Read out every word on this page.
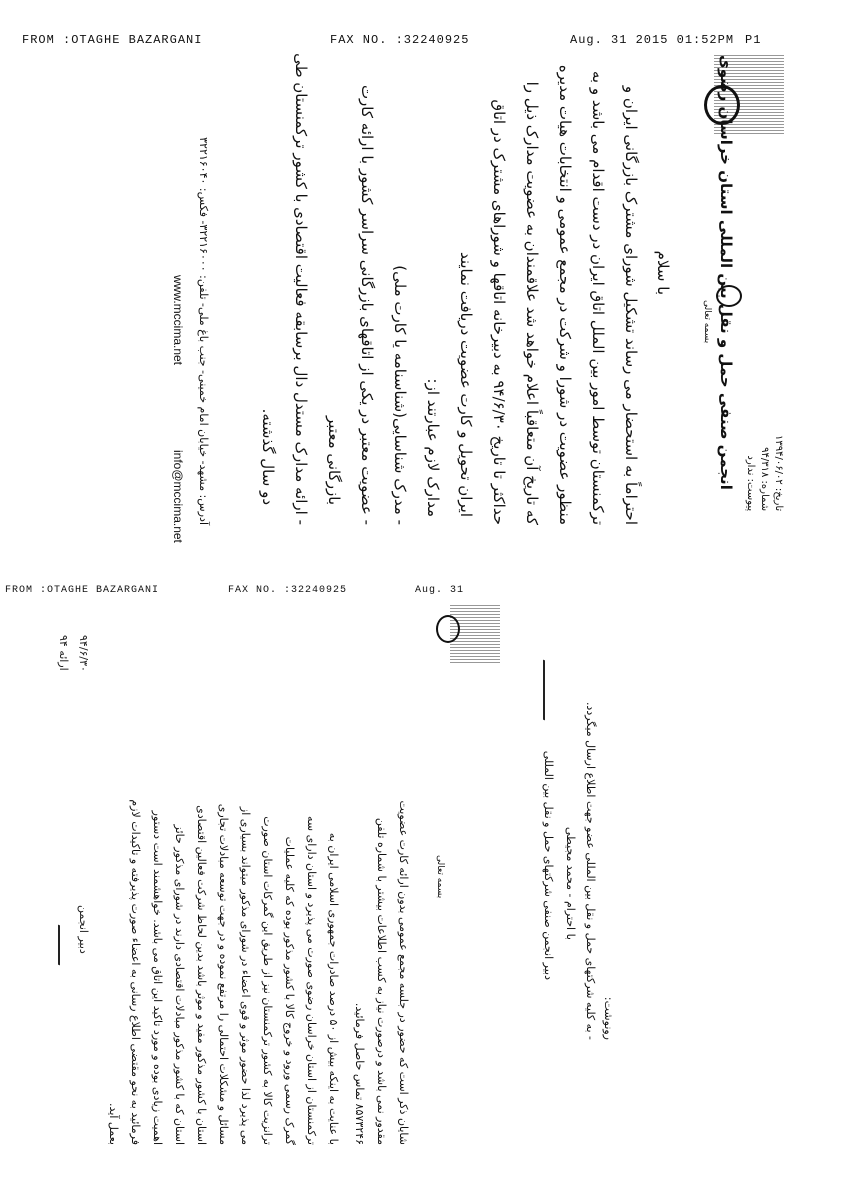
FROM :OTAGHE BAZARGANI	FAX NO. :32240925	Aug. 31 2015 01:52PM P1
بسمه تعالی انجمن صنفی حمل و نقل بین المللی استان خراسان رضوی	تاریخ: ۱۳۹۴/۰۶/۰۲
شماره: ۹۴/۳۱۸
پیوست: ندارد
با سلام
احتراماً به استحضار می رساند تشکیل شورای مشترک بازرگانی ایران و
ترکمنستان توسط امور بین الملل اتاق ایران در دست اقدام می باشد و به
منظور عضویت در شورا و شرکت در مجمع عمومی و انتخابات هیات مدیره
که تاریخ آن متعاقباً اعلام خواهد شد علاقمندان به عضویت مدارک ذیل را
حداکثر تا تاریخ ۹۴/۶/۳۰ به دبیرخانه اتاقها و شوراهای مشترک در اتاق
ایران تحویل و کارت عضویت دریافت نمایند
مدارک لازم عبارتند از:
- مدرک شناسایی(شناسنامه یا کارت ملی)
- عضویت معتبر در یکی از اتاقهای بازرگانی سراسر کشور با ارائه کارت
بازرگانی معتبر
- ارائه مدارک مستدل دال برسابقه فعالیت اقتصادی با کشور ترکمنستان طی
دو سال گذشته.
آدرس: مشهد- خیابان امام خمینی- جنب باغ ملی- تلفن: ۳۲۲۱۶۰۰۰- فکس: ۳۲۲۱۶۰۴۰
www.mccima.net
info@mccima.net
FROM :OTAGHE BAZARGANI	FAX NO. :32240925	Aug. 31
بسمه تعالی
شایان ذکر است که حضور در جلسه مجمع عمومی بدون ارائه کارت عضویت
مقدور نمی باشد و درصورت نیاز به کسب اطلاعات بیشتر با شماره تلفن
۸۵۷۳۲۴۶ تماس حاصل فرمائید.
با عنایت به اینکه بیش از ۵۰ درصد صادرات جمهوری اسلامی ایران به
ترکمنستان از استان خراسان رضوی صورت می پذیرد و استان دارای سه
گمرک رسمی ورود و خروج کالا با کشور مذکور بوده که کلیه عملیات
ترانزیت کالا به کشور ترکمنستان نیز از طریق این گمرکات استان صورت
می پذیرد لذا حضور موثر و قوی اعضاء در شورای مذکور میتواند بسیاری از
مسائل و مشکلات احتمالی را مرتفع نموده و در جهت توسعه مبادلات تجاری
استان با کشور مذکور مفید و موثر باشد بدین لحاظ شرکت فعالین اقتصادی
استان که با کشور مذکور مبادلات اقتصادی دارند در شورای مذکور حائز
اهمیت زیادی بوده و مورد تاکید این اتاق می باشد. خواهشمند است دستور
فرمائید به نحو مقتضی اطلاع رسانی به اعضاء صورت پذیرفته و تاکیدات لازم
بعمل آید.
۹۴/۶/۳۰
ارائه ۹۴
دبیر انجمن
رونوشت:
- به کلیه شرکتهای حمل و نقل بین المللی عضو جهت اطلاع ارسال میگردد.
با احترام - محمد مجیطی
دبیر انجمن صنفی شرکتهای حمل و نقل بین المللی
